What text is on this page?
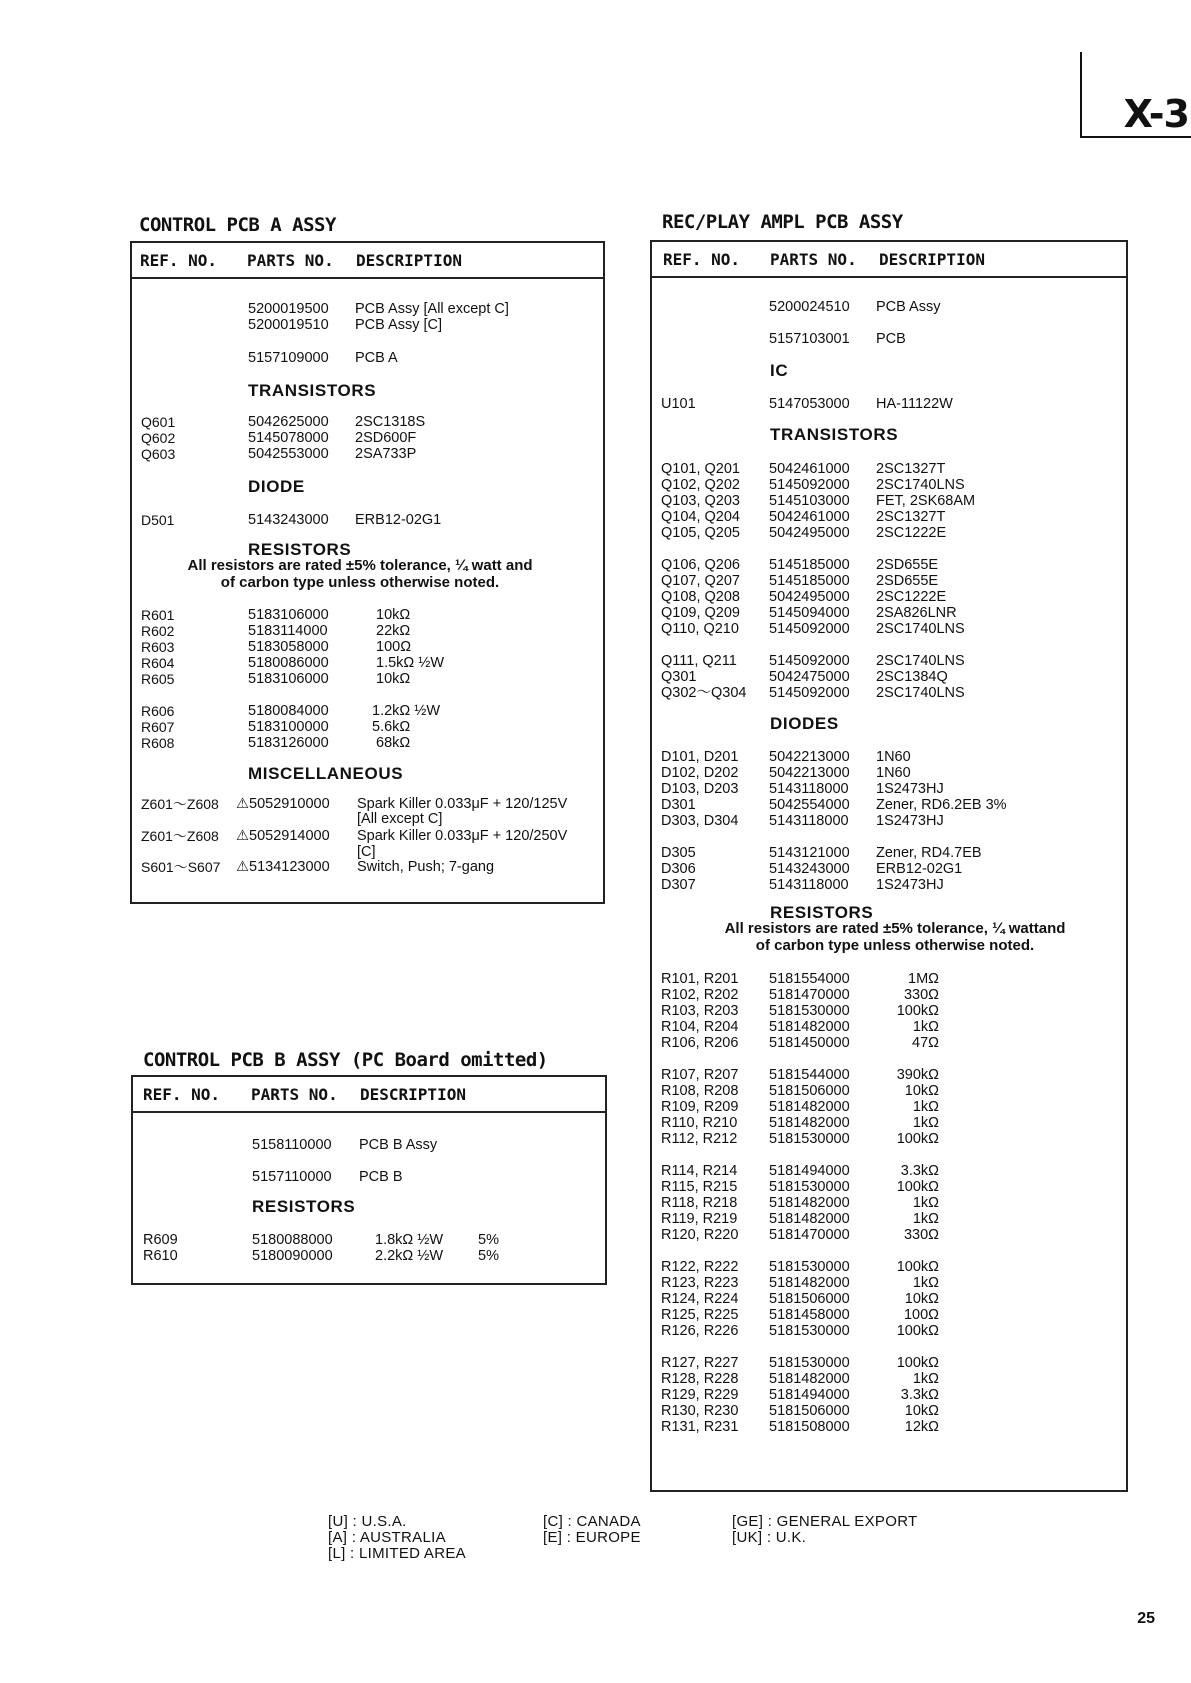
X-3
CONTROL PCB A ASSY
REF. NO. PARTS NO. DESCRIPTION
TRANSISTORS
DIODE
RESISTORS
All resistors are rated ±5% tolerance, ¼ watt and
of carbon type unless otherwise noted.
MISCELLANEOUS
CONTROL PCB B ASSY (PC Board omitted)
REF. NO. PARTS NO. DESCRIPTION
RESISTORS
REC/PLAY AMPL PCB ASSY
REF. NO. PARTS NO. DESCRIPTION
IC
TRANSISTORS
DIODES
RESISTORS
All resistors are rated ±5% tolerance, ¼ wattand
of carbon type unless otherwise noted.
5200019500 PCB Assy [All except C]
5200019510 PCB Assy [C]
5157109000 PCB A
Q601	5042625000 2SC1318S
Q602	5145078000 2SD600F
Q603	5042553000 2SA733P
D501	5143243000 ERB12-02G1
R601	5183106000	10kΩ
R602	5183114000	22kΩ
R603	5183058000	100Ω
R604	5180086000	1.5kΩ ½W
R605	5183106000	10kΩ
R606	5180084000	1.2kΩ ½W
R607	5183100000	5.6kΩ
R608	5183126000	68kΩ
Z601～Z608 ⚠5052910000 Spark Killer 0.033μF + 120/125V
[All except C]
Z601～Z608 ⚠5052914000 Spark Killer 0.033μF + 120/250V
[C]
S601～S607 ⚠5134123000 Switch, Push; 7-gang
5158110000 PCB B Assy
5157110000 PCB B
R609	5180088000	1.8kΩ ½W 5%
R610	5180090000	2.2kΩ ½W 5%
5200024510 PCB Assy
5157103001 PCB
U101	5147053000 HA-11122W
Q101, Q201 5042461000 2SC1327T
Q102, Q202 5145092000 2SC1740LNS
Q103, Q203 5145103000 FET, 2SK68AM
Q104, Q204 5042461000 2SC1327T
Q105, Q205 5042495000 2SC1222E
Q106, Q206 5145185000 2SD655E
Q107, Q207 5145185000 2SD655E
Q108, Q208 5042495000 2SC1222E
Q109, Q209 5145094000 2SA826LNR
Q110, Q210 5145092000 2SC1740LNS
Q111, Q211 5145092000 2SC1740LNS
Q301	5042475000 2SC1384Q
Q302～Q304 5145092000 2SC1740LNS
D101, D201 5042213000 1N60
D102, D202 5042213000 1N60
D103, D203 5143118000 1S2473HJ
D301	5042554000 Zener, RD6.2EB 3%
D303, D304 5143118000 1S2473HJ
D305	5143121000 Zener, RD4.7EB
D306	5143243000 ERB12-02G1
D307	5143118000 1S2473HJ
R101, R201 5181554000	1MΩ
R102, R202 5181470000	330Ω
R103, R203 5181530000	100kΩ
R104, R204 5181482000	1kΩ
R106, R206 5181450000	47Ω
R107, R207 5181544000	390kΩ
R108, R208 5181506000	10kΩ
R109, R209 5181482000	1kΩ
R110, R210 5181482000	1kΩ
R112, R212 5181530000	100kΩ
R114, R214 5181494000	3.3kΩ
R115, R215 5181530000	100kΩ
R118, R218 5181482000	1kΩ
R119, R219 5181482000	1kΩ
R120, R220 5181470000	330Ω
R122, R222 5181530000	100kΩ
R123, R223 5181482000	1kΩ
R124, R224 5181506000	10kΩ
R125, R225 5181458000	100Ω
R126, R226 5181530000	100kΩ
R127, R227 5181530000	100kΩ
R128, R228 5181482000	1kΩ
R129, R229 5181494000	3.3kΩ
R130, R230 5181506000	10kΩ
R131, R231 5181508000	12kΩ
[U] : U.S.A.
[A] : AUSTRALIA
[L] : LIMITED AREA
[C] : CANADA
[E] : EUROPE
[GE] : GENERAL EXPORT
[UK] : U.K.
25
